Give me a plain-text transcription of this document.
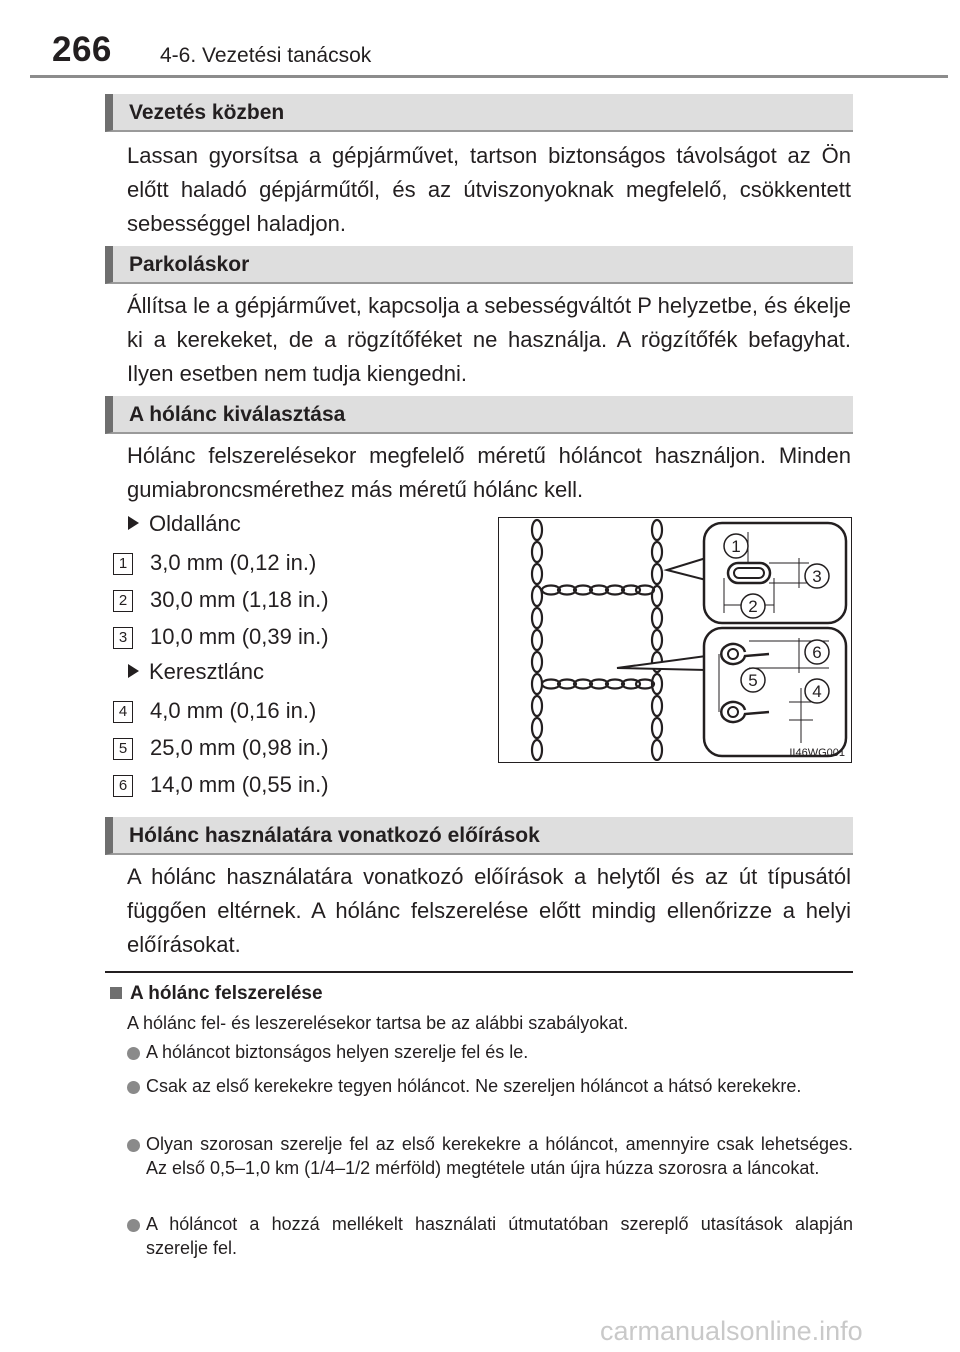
266 4-6. Vezetési tanácsok
Vezetés közben
Lassan gyorsítsa a gépjárművet, tartson biztonságos távolságot az Ön előtt haladó gépjárműtől, és az útviszonyoknak megfelelő, csökkentett sebességgel haladjon.
Parkoláskor
Állítsa le a gépjárművet, kapcsolja a sebességváltót P helyzetbe, és ékelje ki a kerekeket, de a rögzítőféket ne használja. A rögzítőfék befagyhat. Ilyen esetben nem tudja kiengedni.
A hólánc kiválasztása
Hólánc felszerelésekor megfelelő méretű hóláncot használjon. Minden gumiabroncsmérethez más méretű hólánc kell.
Oldallánc
1 3,0 mm (0,12 in.)
2 30,0 mm (1,18 in.)
3 10,0 mm (0,39 in.)
Keresztlánc
4 4,0 mm (0,16 in.)
5 25,0 mm (0,98 in.)
6 14,0 mm (0,55 in.)
1
2
3
4
5
6
II46WG001
Hólánc használatára vonatkozó előírások
A hólánc használatára vonatkozó előírások a helytől és az út típusától függően eltérnek. A hólánc felszerelése előtt mindig ellenőrizze a helyi előírásokat.
A hólánc felszerelése
A hólánc fel- és leszerelésekor tartsa be az alábbi szabályokat.
A hóláncot biztonságos helyen szerelje fel és le.
Csak az első kerekekre tegyen hóláncot. Ne szereljen hóláncot a hátsó kerekekre.
Olyan szorosan szerelje fel az első kerekekre a hóláncot, amennyire csak lehetséges. Az első 0,5–1,0 km (1/4–1/2 mérföld) megtétele után újra húzza szorosra a láncokat.
A hóláncot a hozzá mellékelt használati útmutatóban szereplő utasítások alapján szerelje fel.
carmanualsonline.info
